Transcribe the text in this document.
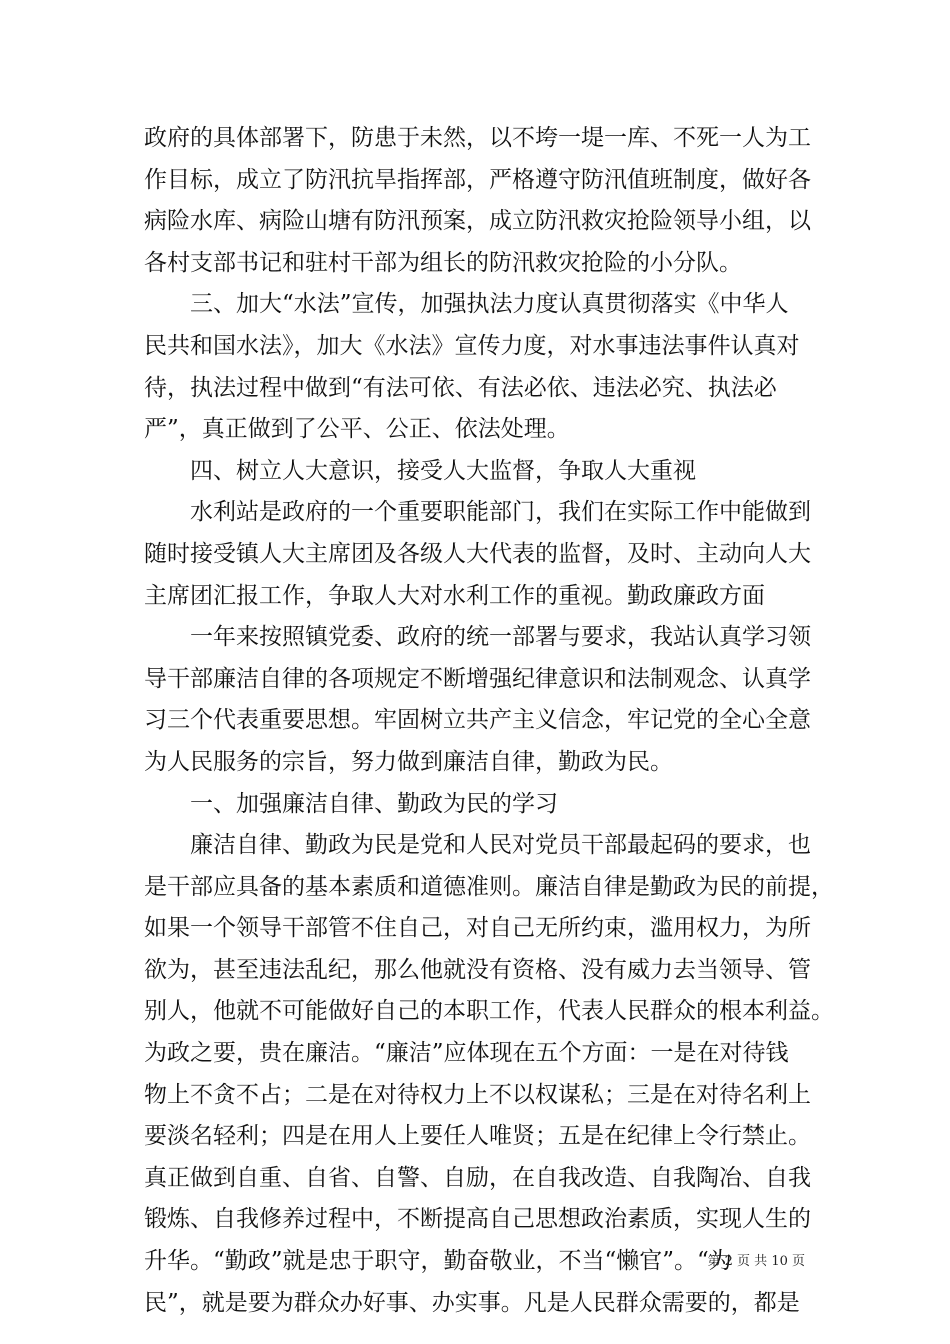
政府的具体部署下，防患于未然，以不垮一堤一库、不死一人为工
作目标，成立了防汛抗旱指挥部，严格遵守防汛值班制度，做好各
病险水库、病险山塘有防汛预案，成立防汛救灾抢险领导小组，以
各村支部书记和驻村干部为组长的防汛救灾抢险的小分队。
三、加大“水法”宣传，加强执法力度认真贯彻落实《中华人
民共和国水法》，加大《水法》宣传力度，对水事违法事件认真对
待，执法过程中做到“有法可依、有法必依、违法必究、执法必
严”，真正做到了公平、公正、依法处理。
四、树立人大意识，接受人大监督，争取人大重视
水利站是政府的一个重要职能部门，我们在实际工作中能做到
随时接受镇人大主席团及各级人大代表的监督，及时、主动向人大
主席团汇报工作，争取人大对水利工作的重视。勤政廉政方面
一年来按照镇党委、政府的统一部署与要求，我站认真学习领
导干部廉洁自律的各项规定不断增强纪律意识和法制观念、认真学
习三个代表重要思想。牢固树立共产主义信念，牢记党的全心全意
为人民服务的宗旨，努力做到廉洁自律，勤政为民。
一、加强廉洁自律、勤政为民的学习
廉洁自律、勤政为民是党和人民对党员干部最起码的要求，也
是干部应具备的基本素质和道德准则。廉洁自律是勤政为民的前提，
如果一个领导干部管不住自己，对自己无所约束，滥用权力，为所
欲为，甚至违法乱纪，那么他就没有资格、没有威力去当领导、管
别人，他就不可能做好自己的本职工作，代表人民群众的根本利益。
为政之要，贵在廉洁。“廉洁”应体现在五个方面：一是在对待钱
物上不贪不占；二是在对待权力上不以权谋私；三是在对待名利上
要淡名轻利；四是在用人上要任人唯贤；五是在纪律上令行禁止。
真正做到自重、自省、自警、自励，在自我改造、自我陶冶、自我
锻炼、自我修养过程中，不断提高自己思想政治素质，实现人生的
升华。“勤政”就是忠于职守，勤奋敬业，不当“懒官”。“为
民”，就是要为群众办好事、办实事。凡是人民群众需要的，都是
第 2 页 共 10 页
